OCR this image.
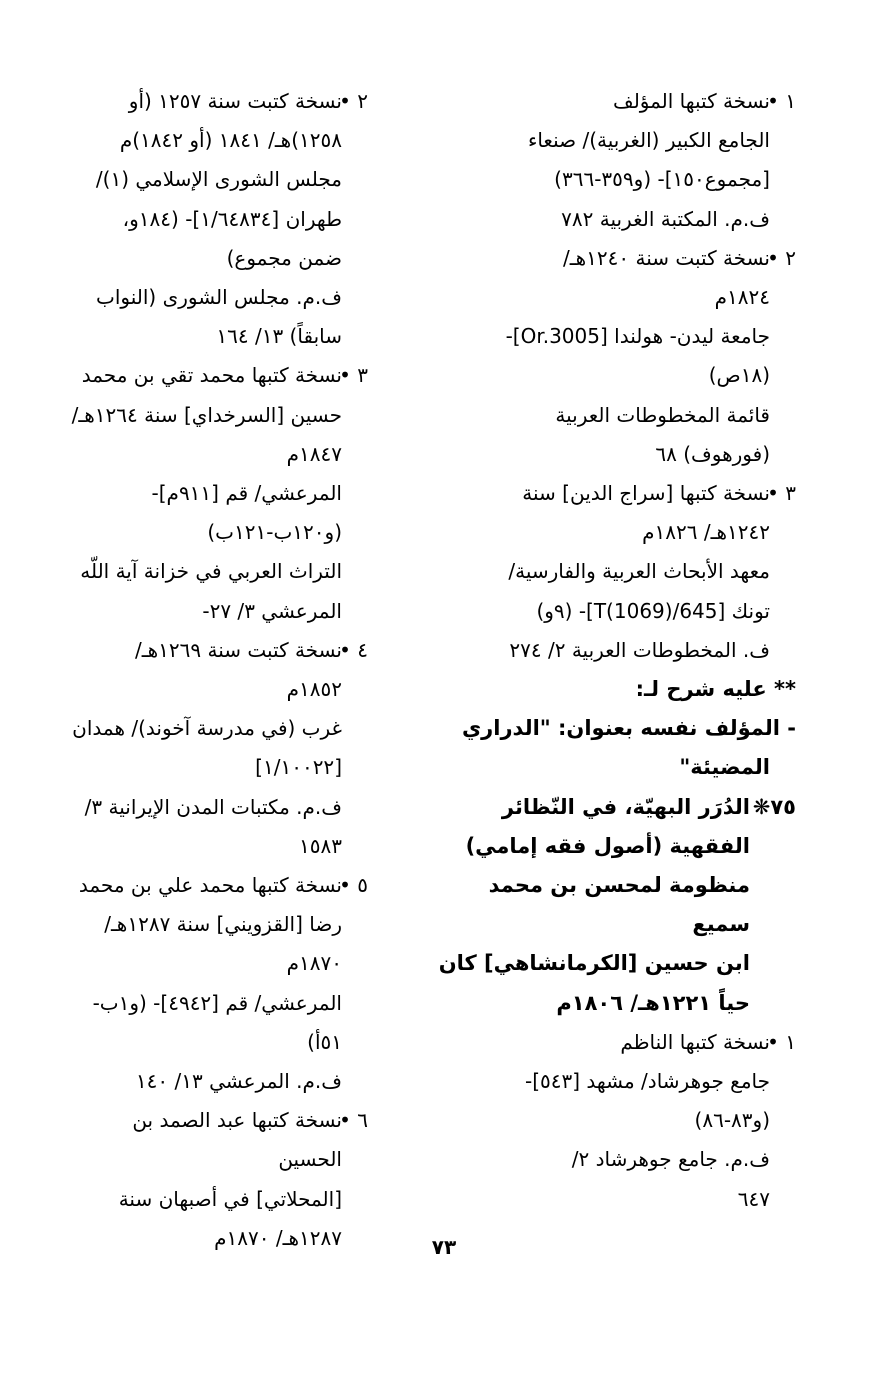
١ •
نسخة كتبها المؤلف
الجامع الكبير (الغربية)/ صنعاء
[مجموع١٥٠]- (و٣٥٩-٣٦٦)
ف.م. المكتبة الغربية ٧٨٢
٢ •
نسخة كتبت سنة ١٢٤٠هـ/
١٨٢٤م
جامعة ليدن- هولندا [Or.3005]-
(١٨ص)
قائمة المخطوطات العربية
(فورهوف) ٦٨
٣ •
نسخة كتبها [سراج الدين] سنة
١٢٤٢هـ/ ١٨٢٦م
معهد الأبحاث العربية والفارسية/
تونك [645/T(1069)]- (٩و)
ف. المخطوطات العربية ٢/ ٢٧٤
** عليه شرح لـ:
- المؤلف نفسه بعنوان: "الدراري
المضيئة"
٧٥❋
الدُرَر البهيّة، في النّظائر
الفقهية (أصول فقه إمامي)
منظومة لمحسن بن محمد سميع
ابن حسين [الكرمانشاهي] كان
حياً ١٢٢١هـ/ ١٨٠٦م
١ •
نسخة كتبها الناظم
جامع جوهرشاد/ مشهد [٥٤٣]-
(و٨٣-٨٦)
ف.م. جامع جوهرشاد ٢/
٦٤٧
٢ •
نسخة كتبت سنة ١٢٥٧ (أو
١٢٥٨)هـ/ ١٨٤١ (أو ١٨٤٢)م
مجلس الشورى الإسلامي (١)/
طهران [١/٦٤٨٣٤]- (١٨٤و،
ضمن مجموع)
ف.م. مجلس الشورى (النواب
سابقاً) ١٣/ ١٦٤
٣ •
نسخة كتبها محمد تقي بن محمد
حسين [السرخداي] سنة ١٢٦٤هـ/
١٨٤٧م
المرعشي/ قم [٩١١م]-
(و١٢٠ب-١٢١ب)
التراث العربي في خزانة آية اللّه
المرعشي ٣/ ٢٧-
٤ •
نسخة كتبت سنة ١٢٦٩هـ/
١٨٥٢م
غرب (في مدرسة آخوند)/ همدان
[١/١٠٠٢٢]
ف.م. مكتبات المدن الإيرانية ٣/
١٥٨٣
٥ •
نسخة كتبها محمد علي بن محمد
رضا [القزويني] سنة ١٢٨٧هـ/
١٨٧٠م
المرعشي/ قم [٤٩٤٢]- (و١ب-
٥١أ)
ف.م. المرعشي ١٣/ ١٤٠
٦ •
نسخة كتبها عبد الصمد بن الحسين
[المحلاتي] في أصبهان سنة
١٢٨٧هـ/ ١٨٧٠م	٧٣
